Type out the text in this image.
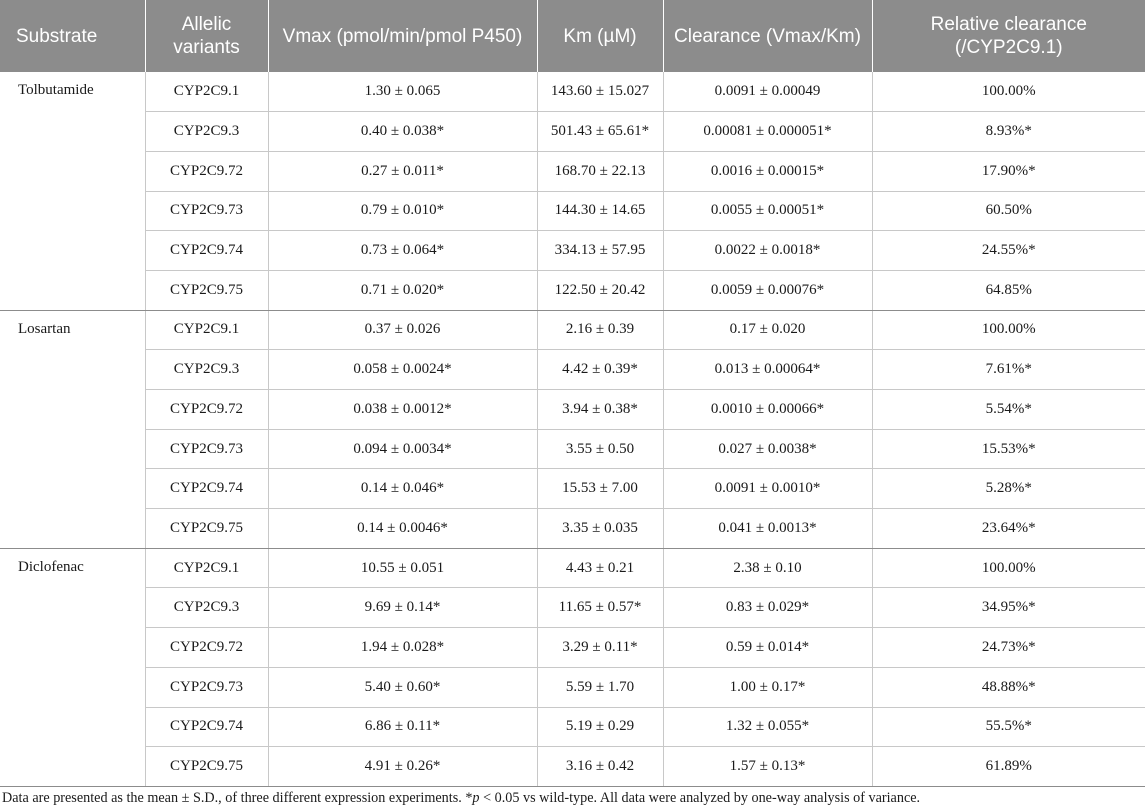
Substrate	Allelic variants	Vmax (pmol/min/pmol P450)	Km (µM)	Clearance (Vmax/Km)	Relative clearance (/CYP2C9.1)
Tolbutamide	CYP2C9.1	1.30 ± 0.065	143.60 ± 15.027	0.0091 ± 0.00049	100.00%
	CYP2C9.3	0.40 ± 0.038*	501.43 ± 65.61*	0.00081 ± 0.000051*	8.93%*
	CYP2C9.72	0.27 ± 0.011*	168.70 ± 22.13	0.0016 ± 0.00015*	17.90%*
	CYP2C9.73	0.79 ± 0.010*	144.30 ± 14.65	0.0055 ± 0.00051*	60.50%
	CYP2C9.74	0.73 ± 0.064*	334.13 ± 57.95	0.0022 ± 0.0018*	24.55%*
	CYP2C9.75	0.71 ± 0.020*	122.50 ± 20.42	0.0059 ± 0.00076*	64.85%
Losartan	CYP2C9.1	0.37 ± 0.026	2.16 ± 0.39	0.17 ± 0.020	100.00%
	CYP2C9.3	0.058 ± 0.0024*	4.42 ± 0.39*	0.013 ± 0.00064*	7.61%*
	CYP2C9.72	0.038 ± 0.0012*	3.94 ± 0.38*	0.0010 ± 0.00066*	5.54%*
	CYP2C9.73	0.094 ± 0.0034*	3.55 ± 0.50	0.027 ± 0.0038*	15.53%*
	CYP2C9.74	0.14 ± 0.046*	15.53 ± 7.00	0.0091 ± 0.0010*	5.28%*
	CYP2C9.75	0.14 ± 0.0046*	3.35 ± 0.035	0.041 ± 0.0013*	23.64%*
Diclofenac	CYP2C9.1	10.55 ± 0.051	4.43 ± 0.21	2.38 ± 0.10	100.00%
	CYP2C9.3	9.69 ± 0.14*	11.65 ± 0.57*	0.83 ± 0.029*	34.95%*
	CYP2C9.72	1.94 ± 0.028*	3.29 ± 0.11*	0.59 ± 0.014*	24.73%*
	CYP2C9.73	5.40 ± 0.60*	5.59 ± 1.70	1.00 ± 0.17*	48.88%*
	CYP2C9.74	6.86 ± 0.11*	5.19 ± 0.29	1.32 ± 0.055*	55.5%*
	CYP2C9.75	4.91 ± 0.26*	3.16 ± 0.42	1.57 ± 0.13*	61.89%
Data are presented as the mean ± S.D., of three different expression experiments. *p < 0.05 vs wild-type. All data were analyzed by one-way analysis of variance.
